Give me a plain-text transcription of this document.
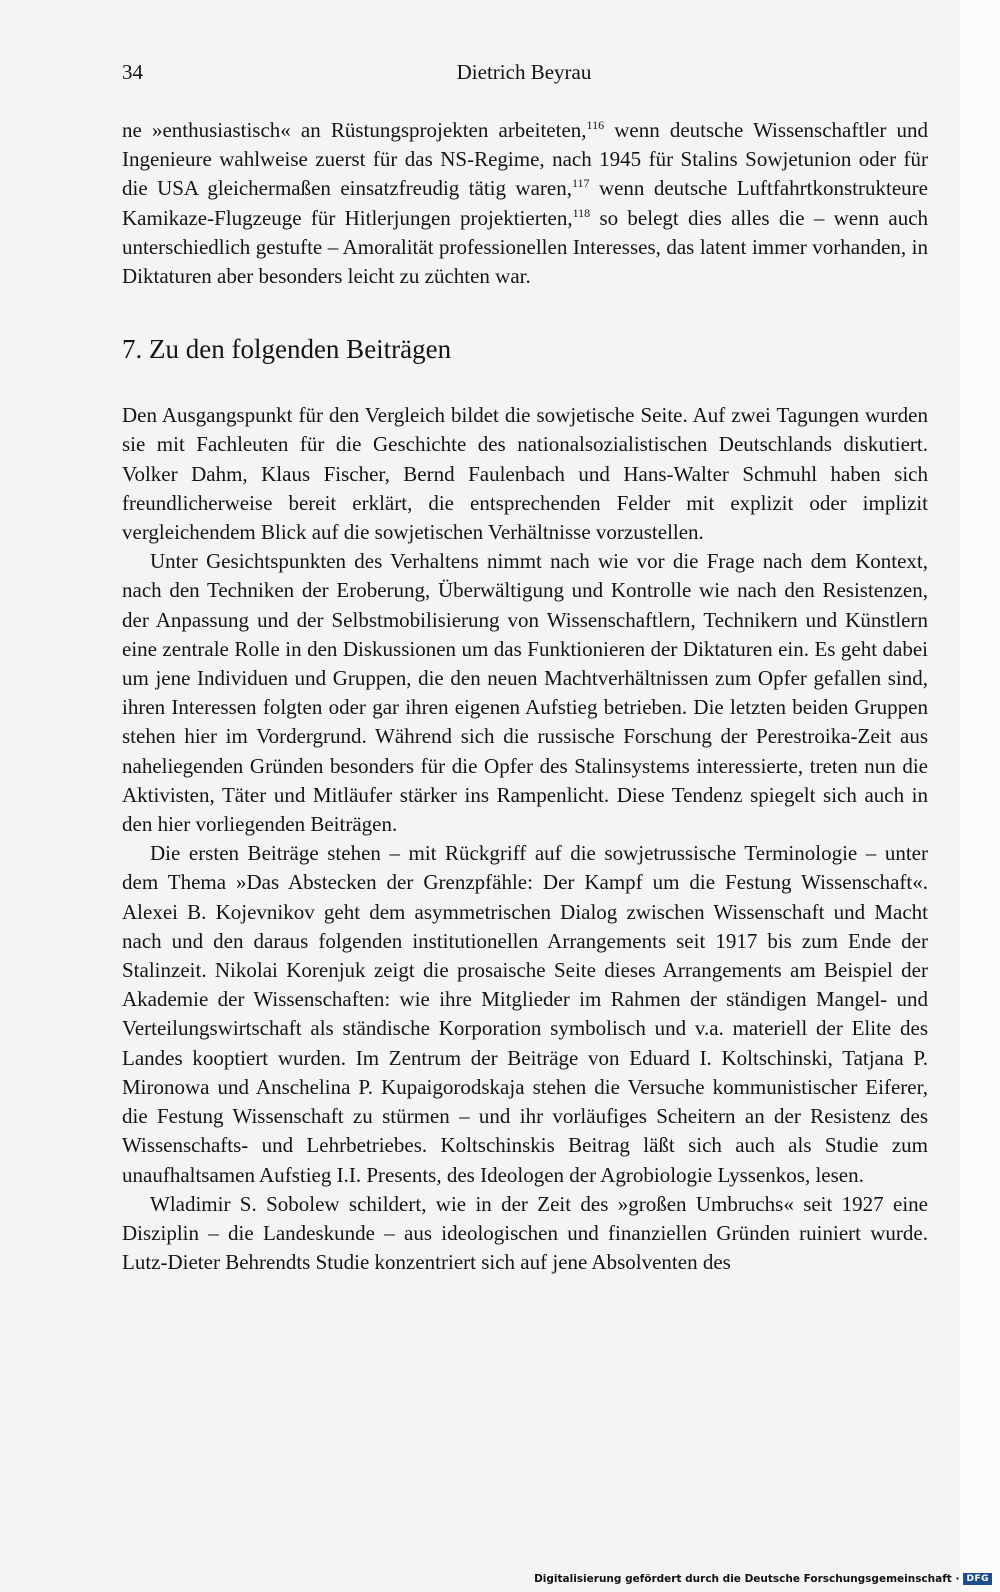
34	Dietrich Beyrau

ne »enthusiastisch« an Rüstungsprojekten arbeiteten,$^{116}$ wenn deutsche Wissenschaftler und Ingenieure wahlweise zuerst für das NS-Regime, nach 1945 für Stalins Sowjetunion oder für die USA gleichermaßen einsatzfreudig tätig waren,$^{117}$ wenn deutsche Luftfahrtkonstrukteure Kamikaze-Flugzeuge für Hitlerjungen projektierten,$^{118}$ so belegt dies alles die – wenn auch unterschiedlich gestufte – Amoralität professionellen Interesses, das latent immer vorhanden, in Diktaturen aber besonders leicht zu züchten war.

7. Zu den folgenden Beiträgen

Den Ausgangspunkt für den Vergleich bildet die sowjetische Seite. Auf zwei Tagungen wurden sie mit Fachleuten für die Geschichte des nationalsozialistischen Deutschlands diskutiert. Volker Dahm, Klaus Fischer, Bernd Faulenbach und Hans-Walter Schmuhl haben sich freundlicherweise bereit erklärt, die entsprechenden Felder mit explizit oder implizit vergleichendem Blick auf die sowjetischen Verhältnisse vorzustellen.

Unter Gesichtspunkten des Verhaltens nimmt nach wie vor die Frage nach dem Kontext, nach den Techniken der Eroberung, Überwältigung und Kontrolle wie nach den Resistenzen, der Anpassung und der Selbstmobilisierung von Wissenschaftlern, Technikern und Künstlern eine zentrale Rolle in den Diskussionen um das Funktionieren der Diktaturen ein. Es geht dabei um jene Individuen und Gruppen, die den neuen Machtverhältnissen zum Opfer gefallen sind, ihren Interessen folgten oder gar ihren eigenen Aufstieg betrieben. Die letzten beiden Gruppen stehen hier im Vordergrund. Während sich die russische Forschung der Perestroika-Zeit aus naheliegenden Gründen besonders für die Opfer des Stalinsystems interessierte, treten nun die Aktivisten, Täter und Mitläufer stärker ins Rampenlicht. Diese Tendenz spiegelt sich auch in den hier vorliegenden Beiträgen.

Die ersten Beiträge stehen – mit Rückgriff auf die sowjetrussische Terminologie – unter dem Thema »Das Abstecken der Grenzpfähle: Der Kampf um die Festung Wissenschaft«. Alexei B. Kojevnikov geht dem asymmetrischen Dialog zwischen Wissenschaft und Macht nach und den daraus folgenden institutionellen Arrangements seit 1917 bis zum Ende der Stalinzeit. Nikolai Korenjuk zeigt die prosaische Seite dieses Arrangements am Beispiel der Akademie der Wissenschaften: wie ihre Mitglieder im Rahmen der ständigen Mangel- und Verteilungswirtschaft als ständische Korporation symbolisch und v.a. materiell der Elite des Landes kooptiert wurden. Im Zentrum der Beiträge von Eduard I. Koltschinski, Tatjana P. Mironowa und Anschelina P. Kupaigorodskaja stehen die Versuche kommunistischer Eiferer, die Festung Wissenschaft zu stürmen – und ihr vorläufiges Scheitern an der Resistenz des Wissenschafts- und Lehrbetriebes. Koltschinskis Beitrag läßt sich auch als Studie zum unaufhaltsamen Aufstieg I.I. Presents, des Ideologen der Agrobiologie Lyssenkos, lesen.

Wladimir S. Sobolew schildert, wie in der Zeit des »großen Umbruchs« seit 1927 eine Disziplin – die Landeskunde – aus ideologischen und finanziellen Gründen ruiniert wurde. Lutz-Dieter Behrendts Studie konzentriert sich auf jene Absolventen des

Digitalisierung gefördert durch die Deutsche Forschungsgemeinschaft · DFG
